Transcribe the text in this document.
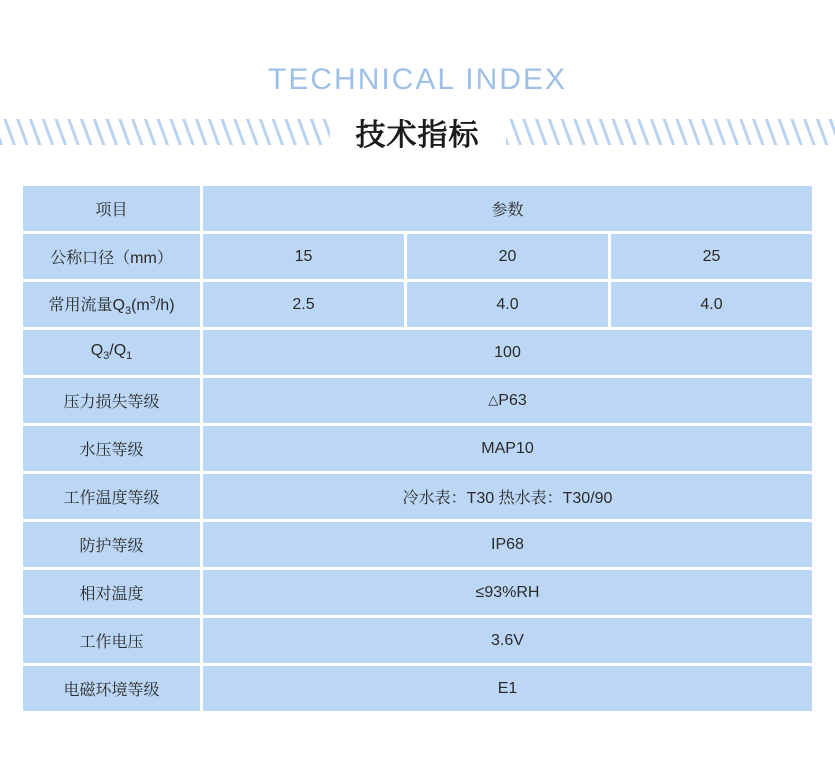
TECHNICAL INDEX
技术指标
项目	参数		
公称口径（mm）	15	20	25
常用流量$Q_3(m^3/h)$	2.5	4.0	4.0
$Q_3/Q_1$	100		
压力损失等级	△P63		
水压等级	MAP10		
工作温度等级	冷水表：T30 热水表：T30/90		
防护等级	IP68		
相对温度	≤93%RH		
工作电压	3.6V		
电磁环境等级	E1		
